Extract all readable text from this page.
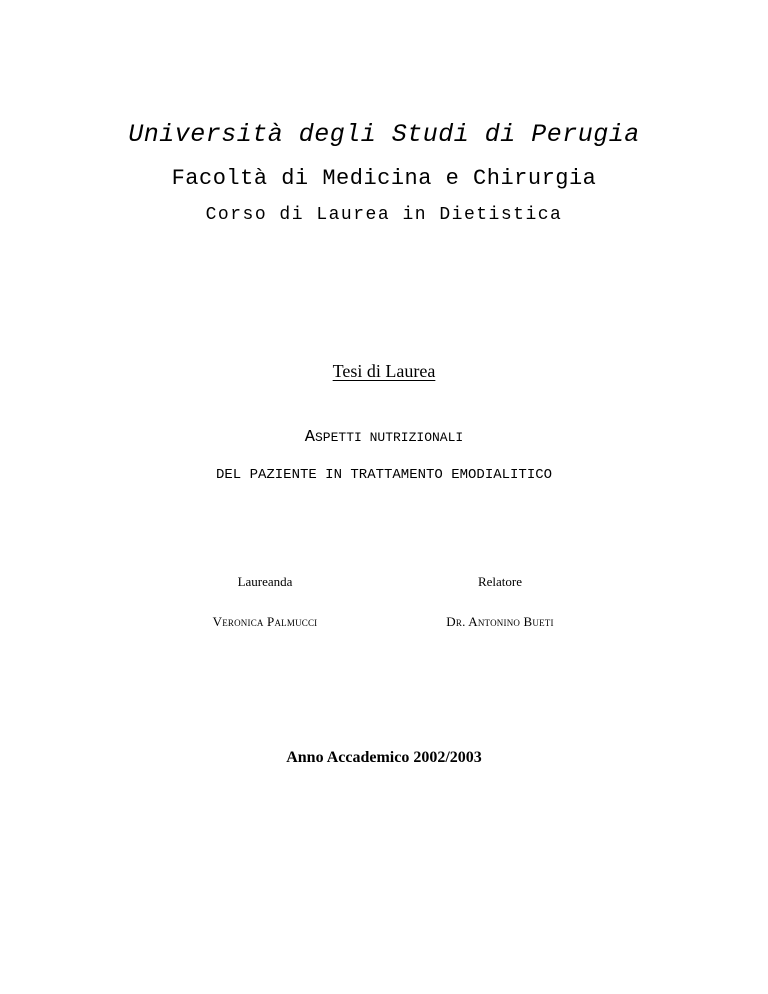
Università degli Studi di Perugia
Facoltà di Medicina e Chirurgia
Corso di Laurea in Dietistica
Tesi di Laurea
ASPETTI NUTRIZIONALI
DEL PAZIENTE IN TRATTAMENTO EMODIALITICO
Laureanda	Relatore
Veronica Palmucci	Dr. Antonino Bueti
Anno Accademico 2002/2003
